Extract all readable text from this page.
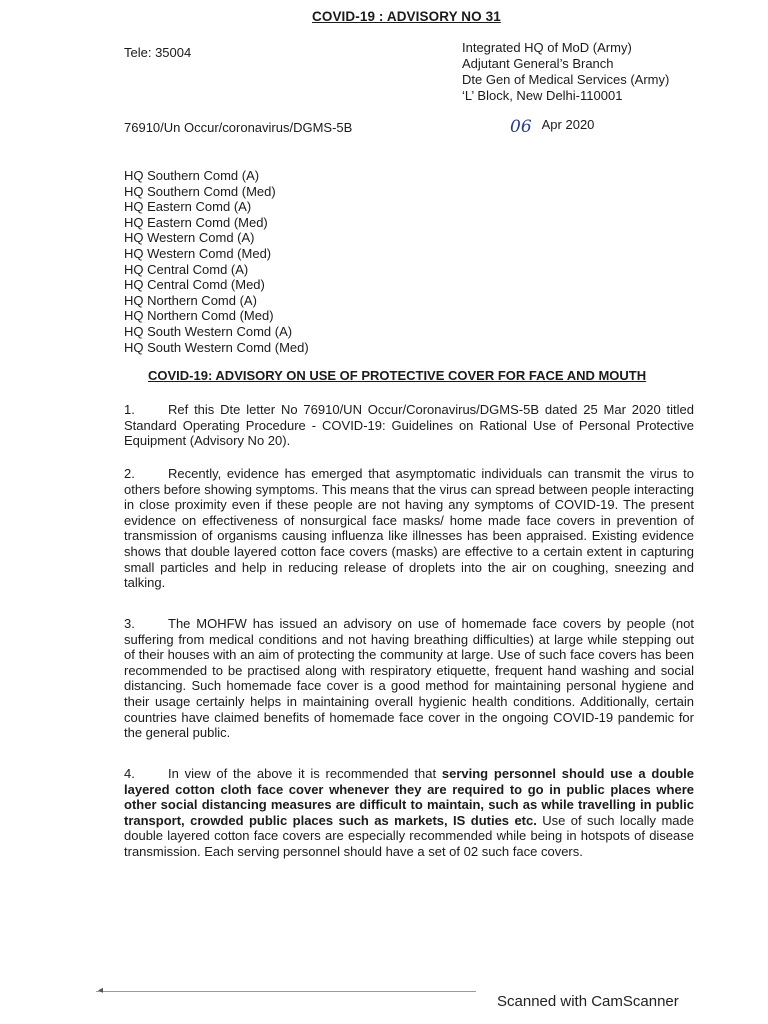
COVID-19 : ADVISORY NO 31
Tele: 35004	Integrated HQ of MoD (Army)
Adjutant General’s Branch
Dte Gen of Medical Services (Army)
‘L’ Block, New Delhi-110001
76910/Un Occur/coronavirus/DGMS-5B	06 Apr 2020
HQ Southern Comd (A)
HQ Southern Comd (Med)
HQ Eastern Comd (A)
HQ Eastern Comd (Med)
HQ Western Comd (A)
HQ Western Comd (Med)
HQ Central Comd (A)
HQ Central Comd (Med)
HQ Northern Comd (A)
HQ Northern Comd (Med)
HQ South Western Comd (A)
HQ South Western Comd (Med)
COVID-19: ADVISORY ON USE OF PROTECTIVE COVER FOR FACE AND MOUTH
1.	Ref this Dte letter No 76910/UN Occur/Coronavirus/DGMS-5B dated 25 Mar 2020 titled Standard Operating Procedure - COVID-19: Guidelines on Rational Use of Personal Protective Equipment (Advisory No 20).
2.	Recently, evidence has emerged that asymptomatic individuals can transmit the virus to others before showing symptoms. This means that the virus can spread between people interacting in close proximity even if these people are not having any symptoms of COVID-19. The present evidence on effectiveness of nonsurgical face masks/ home made face covers in prevention of transmission of organisms causing influenza like illnesses has been appraised. Existing evidence shows that double layered cotton face covers (masks) are effective to a certain extent in capturing small particles and help in reducing release of droplets into the air on coughing, sneezing and talking.
3.	The MOHFW has issued an advisory on use of homemade face covers by people (not suffering from medical conditions and not having breathing difficulties) at large while stepping out of their houses with an aim of protecting the community at large. Use of such face covers has been recommended to be practised along with respiratory etiquette, frequent hand washing and social distancing. Such homemade face cover is a good method for maintaining personal hygiene and their usage certainly helps in maintaining overall hygienic health conditions. Additionally, certain countries have claimed benefits of homemade face cover in the ongoing COVID-19 pandemic for the general public.
4.	In view of the above it is recommended that serving personnel should use a double layered cotton cloth face cover whenever they are required to go in public places where other social distancing measures are difficult to maintain, such as while travelling in public transport, crowded public places such as markets, IS duties etc. Use of such locally made double layered cotton face covers are especially recommended while being in hotspots of disease transmission. Each serving personnel should have a set of 02 such face covers.
◂
Scanned with CamScanner
